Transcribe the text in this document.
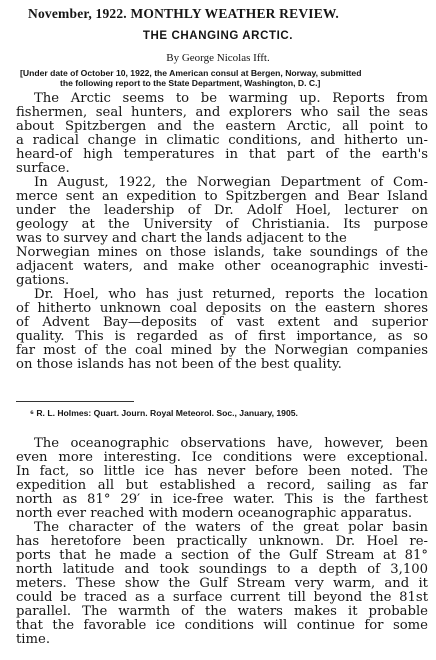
November, 1922. MONTHLY WEATHER REVIEW.
THE CHANGING ARCTIC.
By George Nicolas Ifft.
[Under date of October 10, 1922, the American consul at Bergen, Norway, submitted
the following report to the State Department, Washington, D. C.]
The Arctic seems to be warming up. Reports from
fishermen, seal hunters, and explorers who sail the seas
about Spitzbergen and the eastern Arctic, all point to
a radical change in climatic conditions, and hitherto un-
heard-of high temperatures in that part of the earth's
surface.
In August, 1922, the Norwegian Department of Com-
merce sent an expedition to Spitzbergen and Bear Island
under the leadership of Dr. Adolf Hoel, lecturer on
geology at the University of Christiania. Its purpose
was to survey and chart the lands adjacent to the
Norwegian mines on those islands, take soundings of the
adjacent waters, and make other oceanographic investi-
gations.
Dr. Hoel, who has just returned, reports the location
of hitherto unknown coal deposits on the eastern shores
of Advent Bay—deposits of vast extent and superior
quality. This is regarded as of first importance, as so
far most of the coal mined by the Norwegian companies
on those islands has not been of the best quality.
⁶ R. L. Holmes: Quart. Journ. Royal Meteorol. Soc., January, 1905.
The oceanographic observations have, however, been
even more interesting. Ice conditions were exceptional.
In fact, so little ice has never before been noted. The
expedition all but established a record, sailing as far
north as 81° 29′ in ice-free water. This is the farthest
north ever reached with modern oceanographic apparatus.
The character of the waters of the great polar basin
has heretofore been practically unknown. Dr. Hoel re-
ports that he made a section of the Gulf Stream at 81°
north latitude and took soundings to a depth of 3,100
meters. These show the Gulf Stream very warm, and it
could be traced as a surface current till beyond the 81st
parallel. The warmth of the waters makes it probable
that the favorable ice conditions will continue for some
time.
